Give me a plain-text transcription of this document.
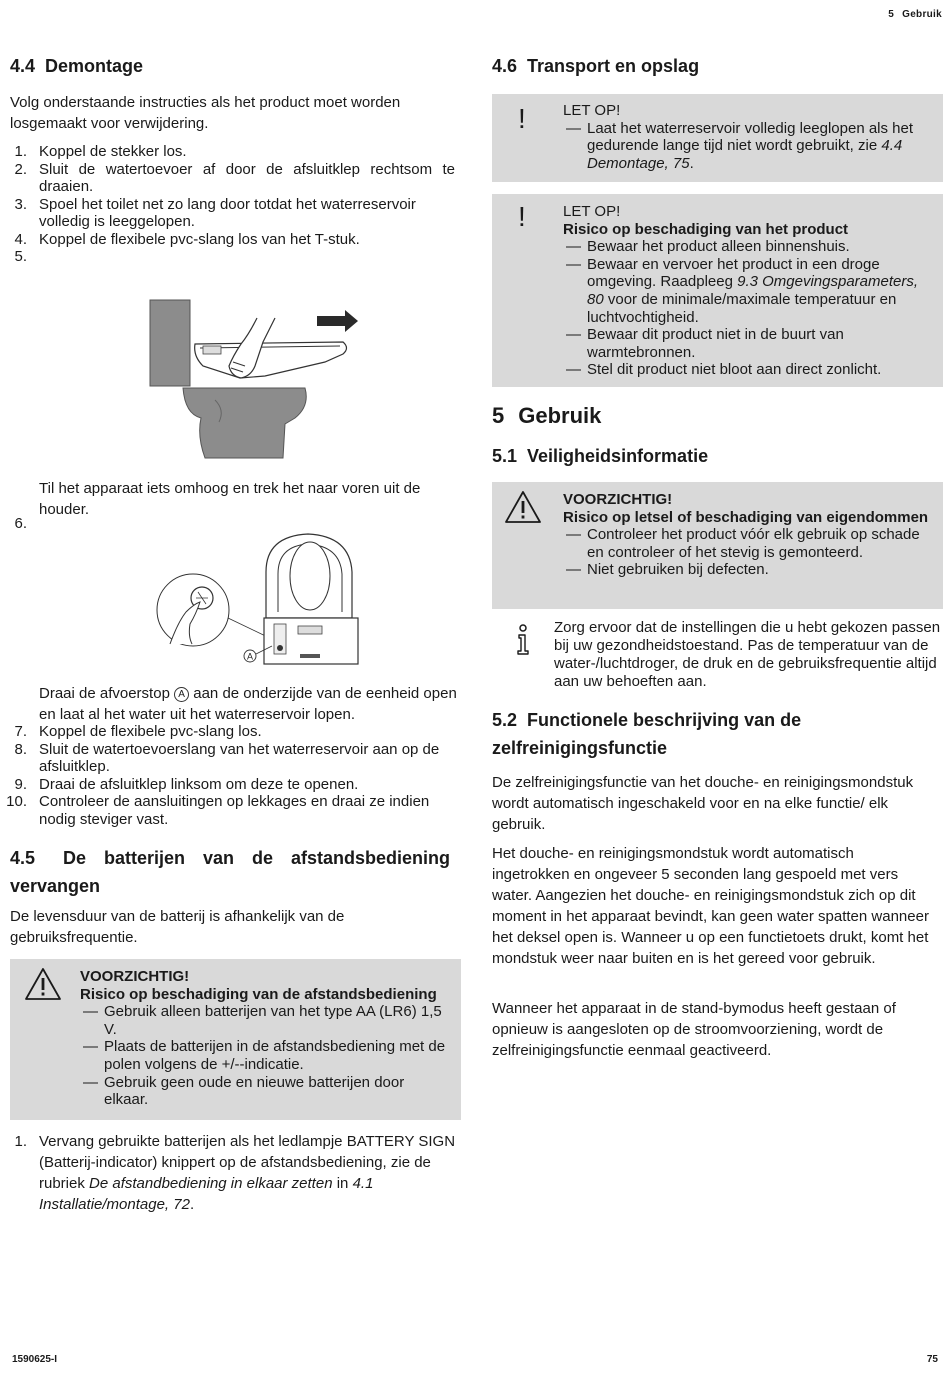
5 Gebruik
4.4 Demontage

Volg onderstaande instructies als het product moet worden losgemaakt voor verwijdering.

1. Koppel de stekker los.
2. Sluit de watertoevoer af door de afsluitklep rechtsom te draaien.
3. Spoel het toilet net zo lang door totdat het waterreservoir volledig is leeggelopen.
4. Koppel de flexibele pvc-slang los van het T-stuk.
5.
6.
Til het apparaat iets omhoog en trek het naar voren uit de houder.
A

Draai de afvoerstop A aan de onderzijde van de eenheid open en laat al het water uit het waterreservoir lopen.

7. Koppel de flexibele pvc-slang los.
8. Sluit de watertoevoerslang van het waterreservoir aan op de afsluitklep.
9. Draai de afsluitklep linksom om deze te openen.
10. Controleer de aansluitingen op lekkages en draai ze indien nodig steviger vast.
4.5 De batterijen van de afstandsbediening vervangen

De levensduur van de batterij is afhankelijk van de gebruiksfrequentie.

VOORZICHTIG!
Risico op beschadiging van de afstandsbediening
— Gebruik alleen batterijen van het type AA (LR6) 1,5 V.
— Plaats de batterijen in de afstandsbediening met de polen volgens de +/--indicatie.
— Gebruik geen oude en nieuwe batterijen door elkaar.
1. Vervang gebruikte batterijen als het ledlampje BATTERY SIGN (Batterij-indicator) knippert op de afstandsbediening, zie de rubriek De afstandbediening in elkaar zetten in 4.1 Installatie/montage, 72.
4.6 Transport en opslag
! LET OP!
— Laat het waterreservoir volledig leeglopen als het gedurende lange tijd niet wordt gebruikt, zie 4.4 Demontage, 75.
! LET OP!
Risico op beschadiging van het product
— Bewaar het product alleen binnenshuis.
— Bewaar en vervoer het product in een droge omgeving. Raadpleeg 9.3 Omgevingsparameters, 80 voor de minimale/maximale temperatuur en luchtvochtigheid.
— Bewaar dit product niet in de buurt van warmtebronnen.
— Stel dit product niet bloot aan direct zonlicht.
5 Gebruik
5.1 Veiligheidsinformatie
VOORZICHTIG!
Risico op letsel of beschadiging van eigendommen
— Controleer het product vóór elk gebruik op schade en controleer of het stevig is gemonteerd.
— Niet gebruiken bij defecten.

Zorg ervoor dat de instellingen die u hebt gekozen passen bij uw gezondheidstoestand. Pas de temperatuur van de water-/luchtdroger, de druk en de gebruiksfrequentie altijd aan uw behoeften aan.

5.2 Functionele beschrijving van de zelfreinigingsfunctie

De zelfreinigingsfunctie van het douche- en reinigingsmondstuk wordt automatisch ingeschakeld voor en na elke functie/ elk gebruik.

Het douche- en reinigingsmondstuk wordt automatisch ingetrokken en ongeveer 5 seconden lang gespoeld met vers water. Aangezien het douche- en reinigingsmondstuk zich op dit moment in het apparaat bevindt, kan geen water spatten wanneer het deksel open is. Wanneer u op een functietoets drukt, komt het mondstuk weer naar buiten en is het gereed voor gebruik.

Wanneer het apparaat in de stand-bymodus heeft gestaan of opnieuw is aangesloten op de stroomvoorziening, wordt de zelfreinigingsfunctie eenmaal geactiveerd.

1590625-I	75
